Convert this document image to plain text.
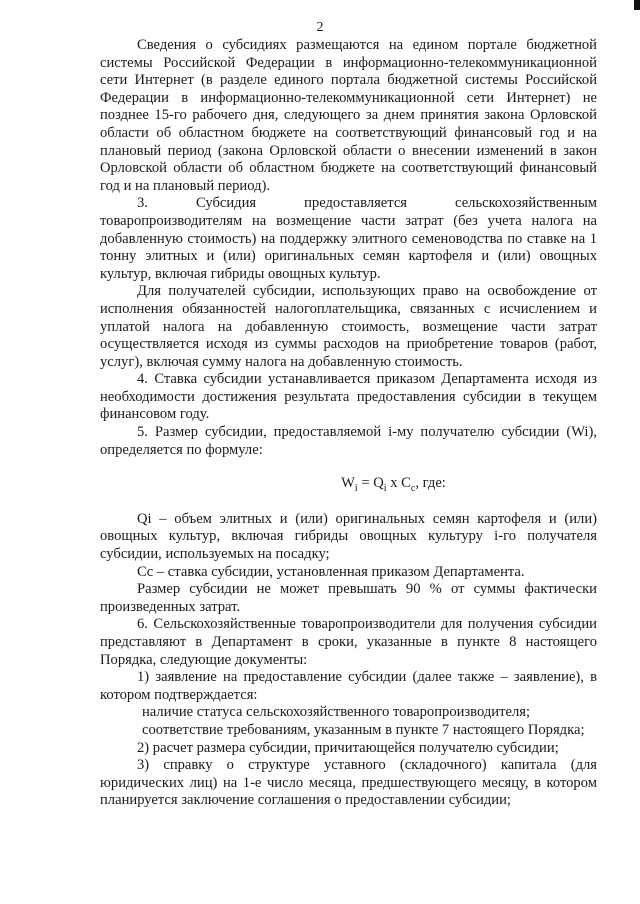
2

Сведения о субсидиях размещаются на едином портале бюджетной системы Российской Федерации в информационно-телекоммуникационной сети Интернет (в разделе единого портала бюджетной системы Российской Федерации в информационно-телекоммуникационной сети Интернет) не позднее 15-го рабочего дня, следующего за днем принятия закона Орловской области об областном бюджете на соответствующий финансовый год и на плановый период (закона Орловской области о внесении изменений в закон Орловской области об областном бюджете на соответствующий финансовый год и на плановый период).

3. Субсидия предоставляется сельскохозяйственным товаропроизводителям на возмещение части затрат (без учета налога на добавленную стоимость) на поддержку элитного семеноводства по ставке на 1 тонну элитных и (или) оригинальных семян картофеля и (или) овощных культур, включая гибриды овощных культур.

Для получателей субсидии, использующих право на освобождение от исполнения обязанностей налогоплательщика, связанных с исчислением и уплатой налога на добавленную стоимость, возмещение части затрат осуществляется исходя из суммы расходов на приобретение товаров (работ, услуг), включая сумму налога на добавленную стоимость.

4. Ставка субсидии устанавливается приказом Департамента исходя из необходимости достижения результата предоставления субсидии в текущем финансовом году.

5. Размер субсидии, предоставляемой i-му получателю субсидии (Wi), определяется по формуле:

$W_i = Q_i$ x $C_c$, где:

Qi – объем элитных и (или) оригинальных семян картофеля и (или) овощных культур, включая гибриды овощных культуру i-го получателя субсидии, используемых на посадку;

Cc – ставка субсидии, установленная приказом Департамента.

Размер субсидии не может превышать 90 % от суммы фактически произведенных затрат.

6. Сельскохозяйственные товаропроизводители для получения субсидии представляют в Департамент в сроки, указанные в пункте 8 настоящего Порядка, следующие документы:

1) заявление на предоставление субсидии (далее также – заявление), в котором подтверждается:

наличие статуса сельскохозяйственного товаропроизводителя;

соответствие требованиям, указанным в пункте 7 настоящего Порядка;

2) расчет размера субсидии, причитающейся получателю субсидии;

3) справку о структуре уставного (складочного) капитала (для юридических лиц) на 1-е число месяца, предшествующего месяцу, в котором планируется заключение соглашения о предоставлении субсидии;
